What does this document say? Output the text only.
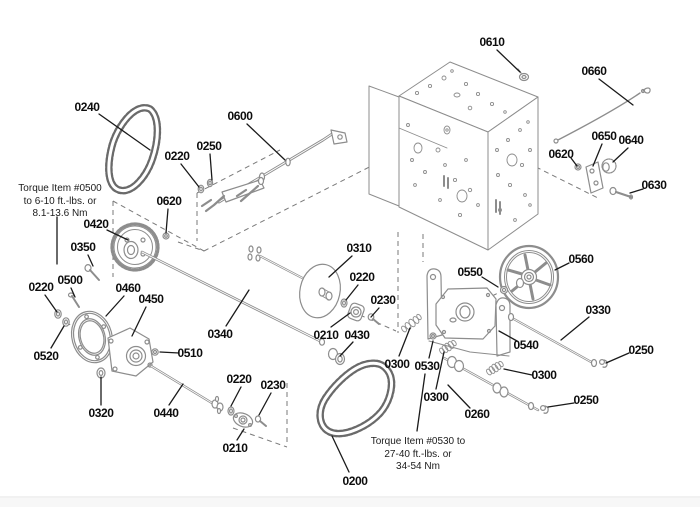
0240
0600
0610
0660
0650 0640
0620
0630
0250
0220
0620
0420
0350	0310
0550
0560
0500
0220	0460
0450
0220
0230
0330
0520	0510
0340	0210 0430
0540	0250
0300 0530
0300
0220 0230
0300
0260
0250
0320	0440
0210
0200
Torque Item #0500
to 6-10 ft.-lbs. or
8.1-13.6 Nm
Torque Item #0530 to
27-40 ft.-lbs. or
34-54 Nm
